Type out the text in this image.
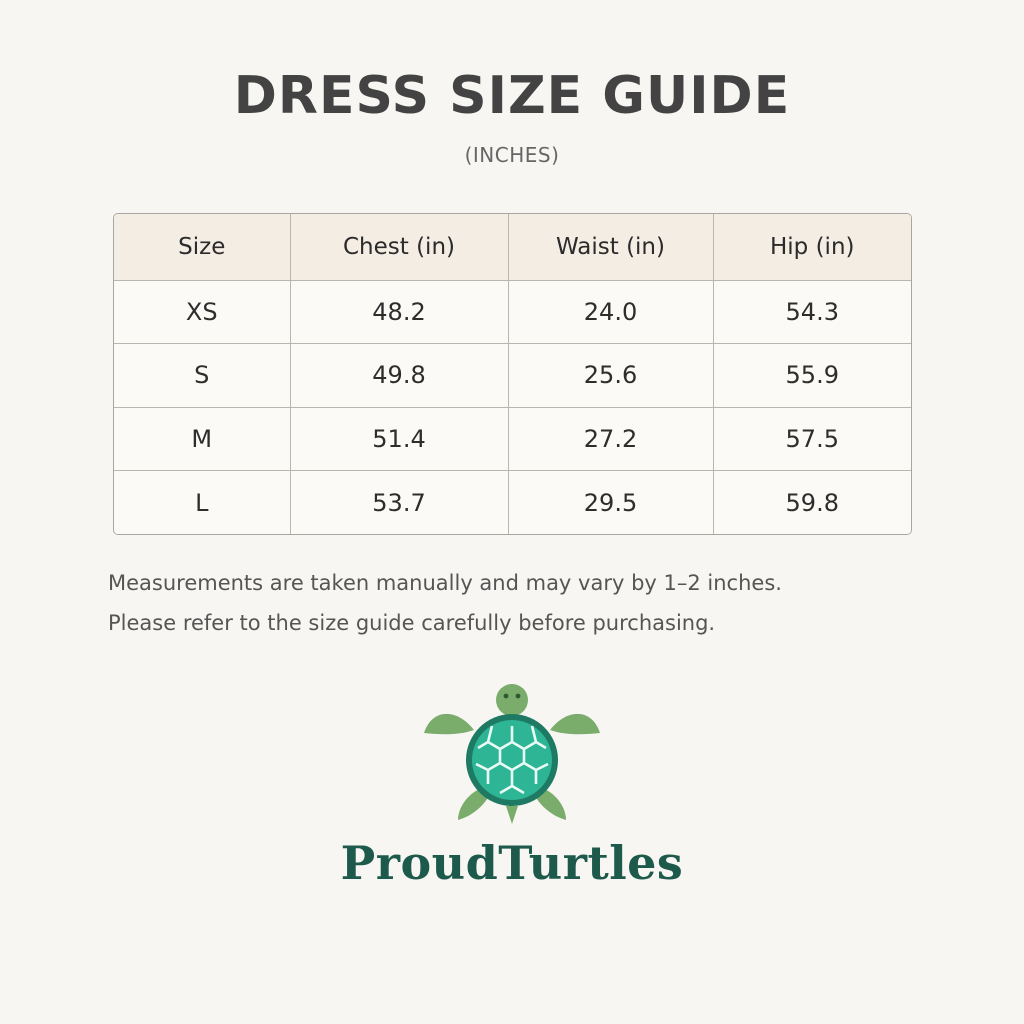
DRESS SIZE GUIDE
(INCHES)
Size	Chest (in)	Waist (in)	Hip (in)
XS	48.2	24.0	54.3
S	49.8	25.6	55.9
M	51.4	27.2	57.5
L	53.7	29.5	59.8
Measurements are taken manually and may vary by 1–2 inches.
Please refer to the size guide carefully before purchasing.
ProudTurtles
